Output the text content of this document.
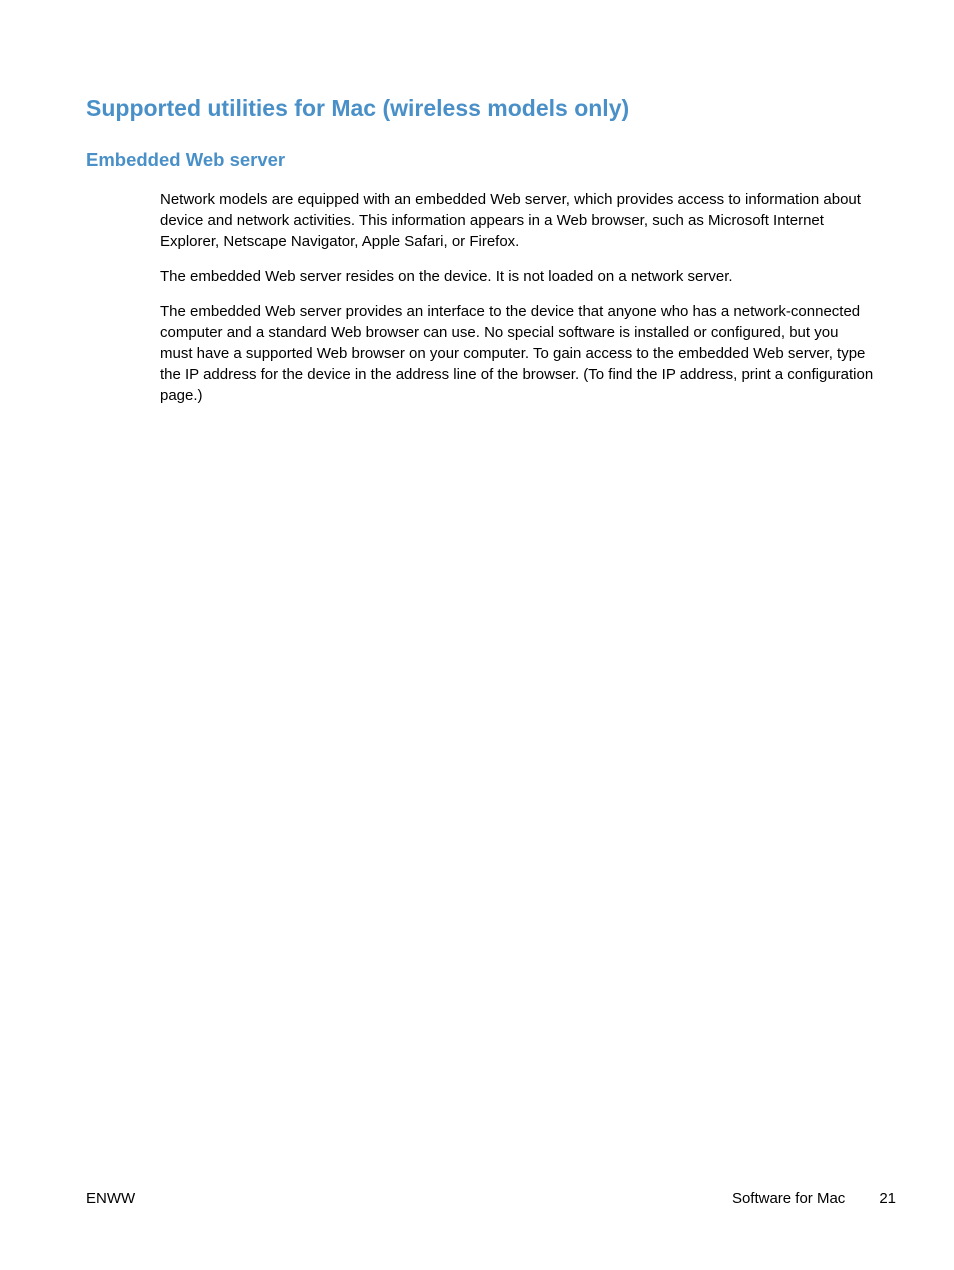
Supported utilities for Mac (wireless models only)
Embedded Web server

Network models are equipped with an embedded Web server, which provides access to information about device and network activities. This information appears in a Web browser, such as Microsoft Internet Explorer, Netscape Navigator, Apple Safari, or Firefox.

The embedded Web server resides on the device. It is not loaded on a network server.

The embedded Web server provides an interface to the device that anyone who has a network-connected computer and a standard Web browser can use. No special software is installed or configured, but you must have a supported Web browser on your computer. To gain access to the embedded Web server, type the IP address for the device in the address line of the browser. (To find the IP address, print a configuration page.)

ENWW	Software for Mac 21
